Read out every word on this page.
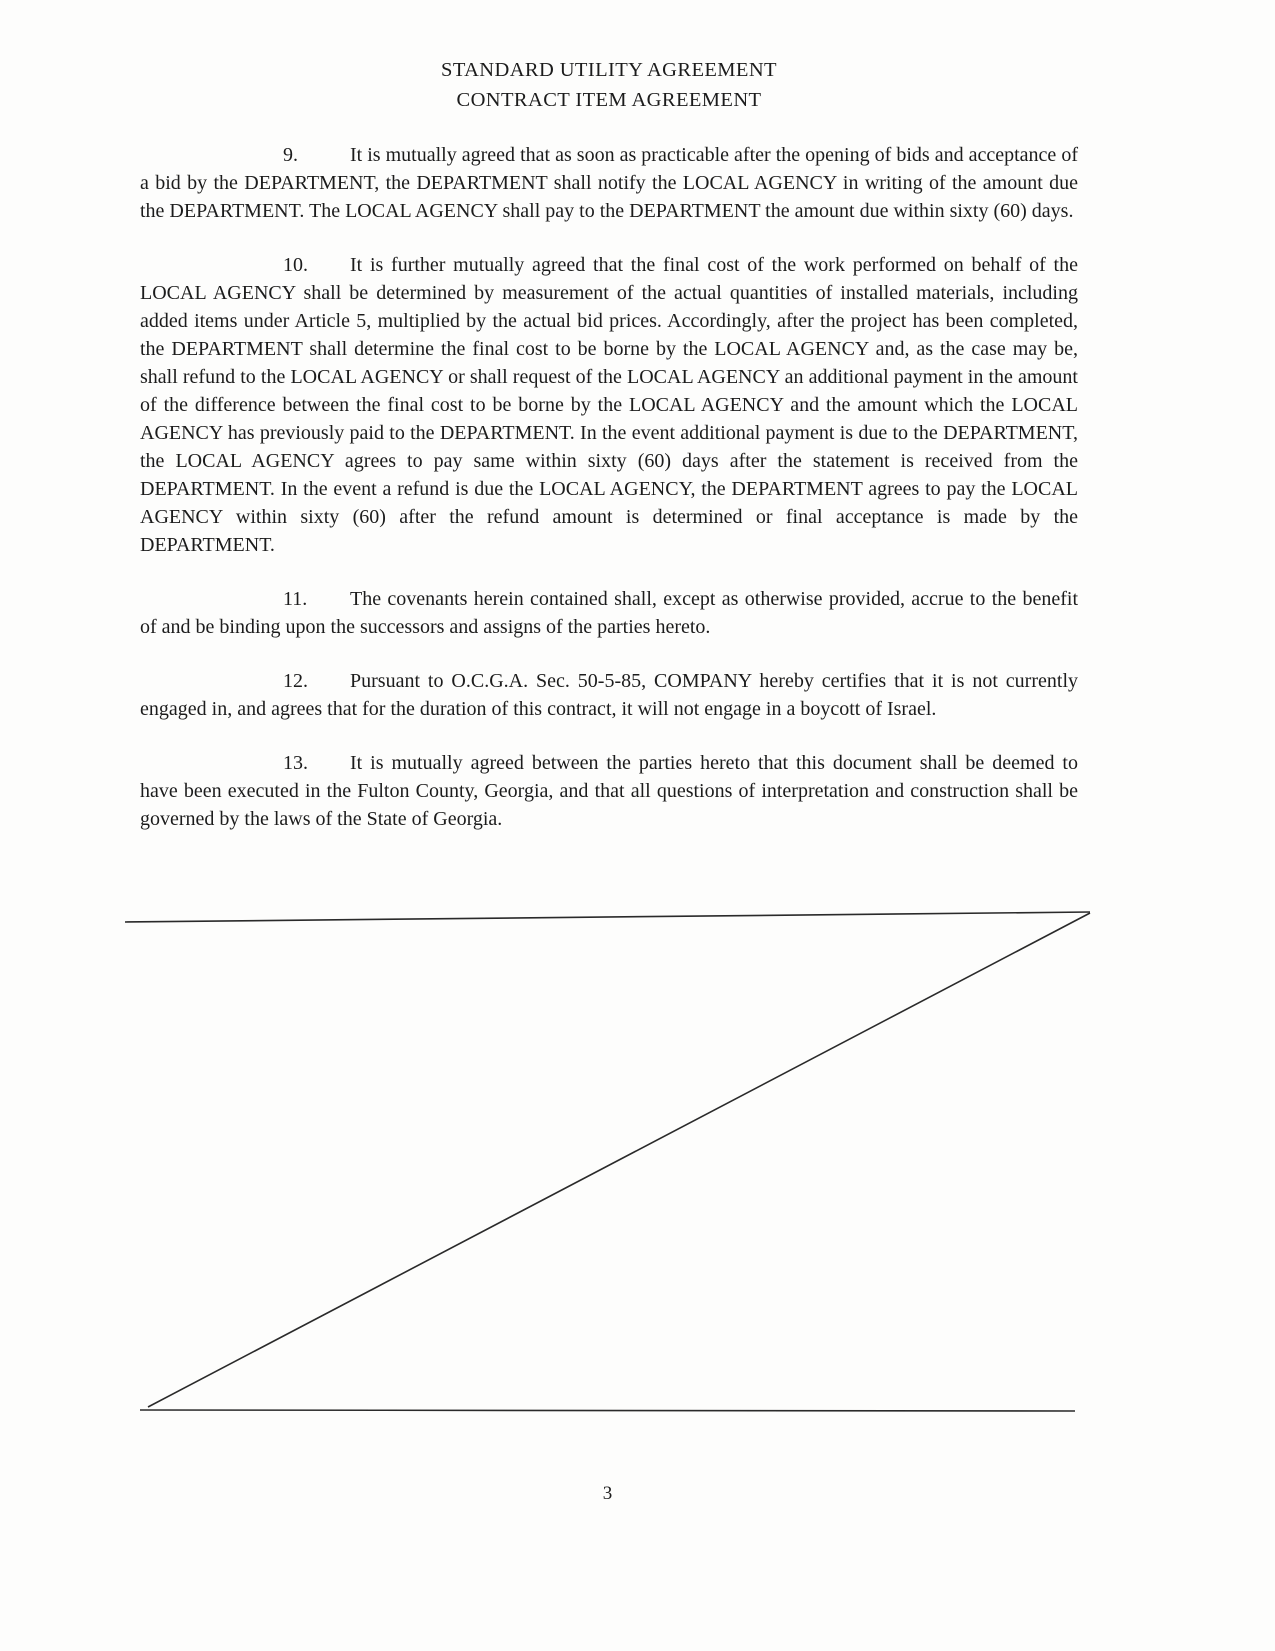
STANDARD UTILITY AGREEMENT
CONTRACT ITEM AGREEMENT

9.	It is mutually agreed that as soon as practicable after the opening of bids and acceptance of a bid by the DEPARTMENT, the DEPARTMENT shall notify the LOCAL AGENCY in writing of the amount due the DEPARTMENT. The LOCAL AGENCY shall pay to the DEPARTMENT the amount due within sixty (60) days.

10. It is further mutually agreed that the final cost of the work performed on behalf of the LOCAL AGENCY shall be determined by measurement of the actual quantities of installed materials, including added items under Article 5, multiplied by the actual bid prices. Accordingly, after the project has been completed, the DEPARTMENT shall determine the final cost to be borne by the LOCAL AGENCY and, as the case may be, shall refund to the LOCAL AGENCY or shall request of the LOCAL AGENCY an additional payment in the amount of the difference between the final cost to be borne by the LOCAL AGENCY and the amount which the LOCAL AGENCY has previously paid to the DEPARTMENT. In the event additional payment is due to the DEPARTMENT, the LOCAL AGENCY agrees to pay same within sixty (60) days after the statement is received from the DEPARTMENT. In the event a refund is due the LOCAL AGENCY, the DEPARTMENT agrees to pay the LOCAL AGENCY within sixty (60) after the refund amount is determined or final acceptance is made by the DEPARTMENT.

11. The covenants herein contained shall, except as otherwise provided, accrue to the benefit of and be binding upon the successors and assigns of the parties hereto.

12. Pursuant to O.C.G.A. Sec. 50-5-85, COMPANY hereby certifies that it is not currently engaged in, and agrees that for the duration of this contract, it will not engage in a boycott of Israel.

13. It is mutually agreed between the parties hereto that this document shall be deemed to have been executed in the Fulton County, Georgia, and that all questions of interpretation and construction shall be governed by the laws of the State of Georgia.

3
